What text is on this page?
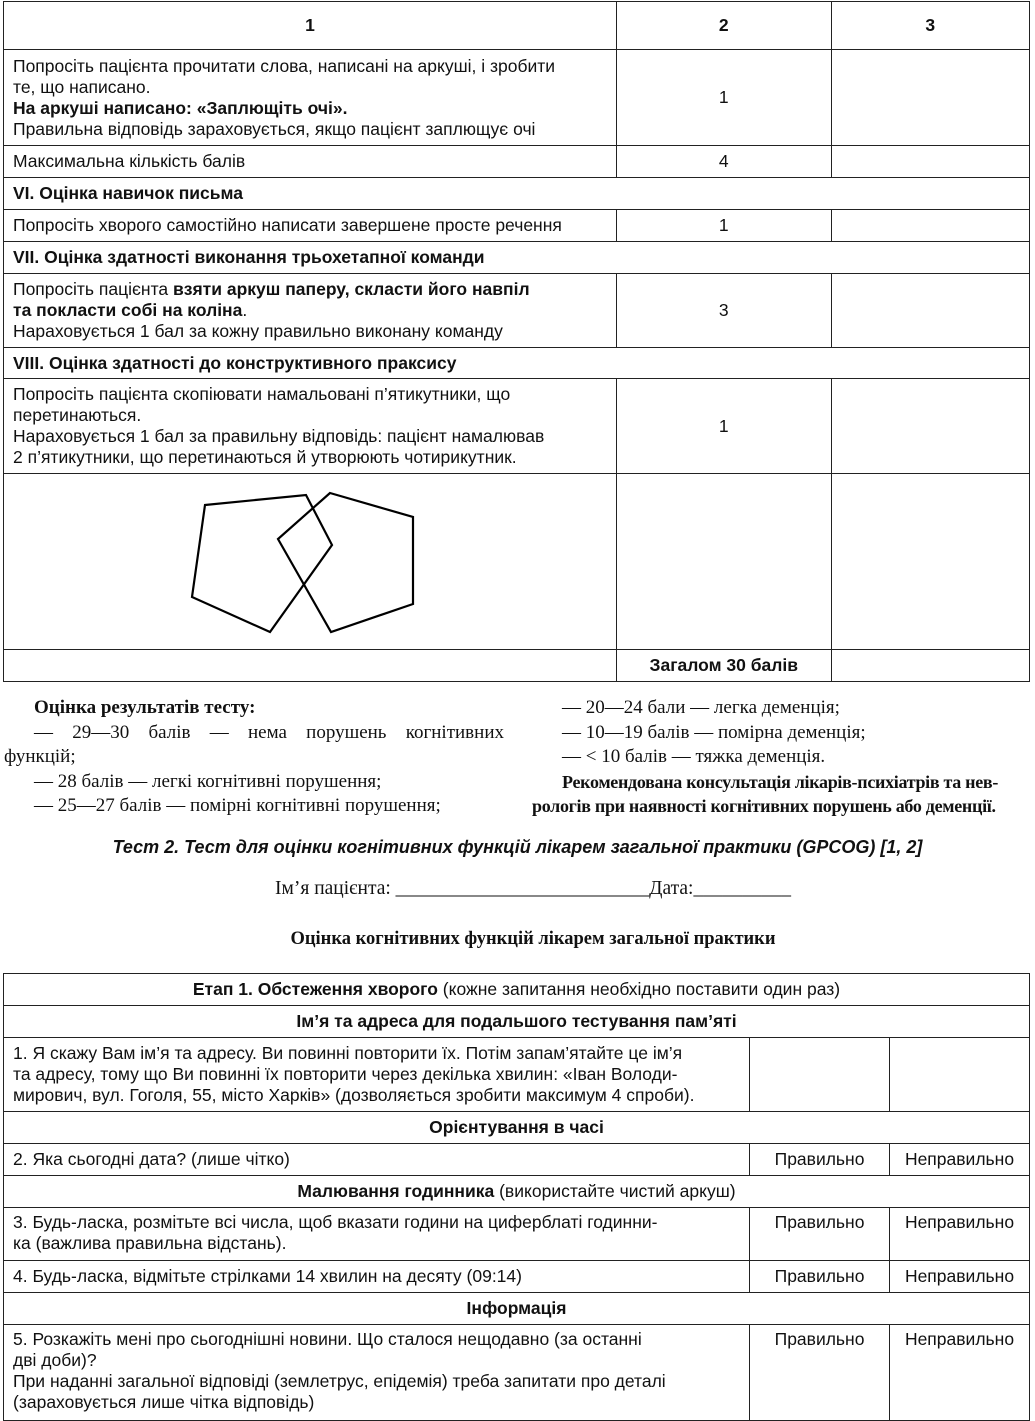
1	2	3

Попросіть пацієнта прочитати слова, написані на аркуші, і зробити
те, що написано.
На аркуші написано: «Заплющіть очі».
Правильна відповідь зараховується, якщо пацієнт заплющує очі	1	
Максимальна кількість балів	4	
VI. Оцінка навичок письма		
Попросіть хворого самостійно написати завершене просте речення	1	
VII. Оцінка здатності виконання трьохетапної команди		
Попросіть пацієнта взяти аркуш паперу, скласти його навпіл
та покласти собі на коліна.
Нараховується 1 бал за кожну правильно виконану команду	3	
VIII. Оцінка здатності до конструктивного праксису		

Попросіть пацієнта скопіювати намальовані п’ятикутники, що
перетинаються.
Нараховується 1 бал за правильну відповідь: пацієнт намалював
2 п’ятикутники, що перетинаються й утворюють чотирикутник.	1	

	Загалом 30 балів	
Оцінка результатів тесту:
— 29—30 балів — нема порушень когнітивних
функцій;
— 28 балів — легкі когнітивні порушення;
— 25—27 балів — помірні когнітивні порушення;
— 20—24 бали — легка деменція;
— 10—19 балів — помірна деменція;
— < 10 балів — тяжка деменція.
Рекомендована консультація лікарів-психіатрів та нев-
рологів при наявності когнітивних порушень або деменції.
Тест 2. Тест для оцінки когнітивних функцій лікарем загальної практики (GPCOG) [1, 2]
Ім’я пацієнта: __________________________Дата:__________
Оцінка когнітивних функцій лікарем загальної практики
Етап 1. Обстеження хворого (кожне запитання необхідно поставити один раз)		
Ім’я та адреса для подальшого тестування пам’яті		

1. Я скажу Вам ім’я та адресу. Ви повинні повторити їх. Потім запам’ятайте це ім’я
та адресу, тому що Ви повинні їх повторити через декілька хвилин: «Іван Володи-
мирович, вул. Гоголя, 55, місто Харків» (дозволяється зробити максимум 4 спроби).		

Орієнтування в часі		
2. Яка сьогодні дата? (лише чітко)	Правильно	Неправильно
Малювання годинника (використайте чистий аркуш)		

3. Будь-ласка, розмітьте всі числа, щоб вказати години на циферблаті годинни-
ка (важлива правильна відстань).	Правильно	Неправильно
4. Будь-ласка, відмітьте стрілками 14 хвилин на десяту (09:14)	Правильно	Неправильно
Інформація		

5. Розкажіть мені про сьогоднішні новини. Що сталося нещодавно (за останні
дві доби)?
При наданні загальної відповіді (землетрус, епідемія) треба запитати про деталі
(зараховується лише чітка відповідь)	Правильно	Неправильно
